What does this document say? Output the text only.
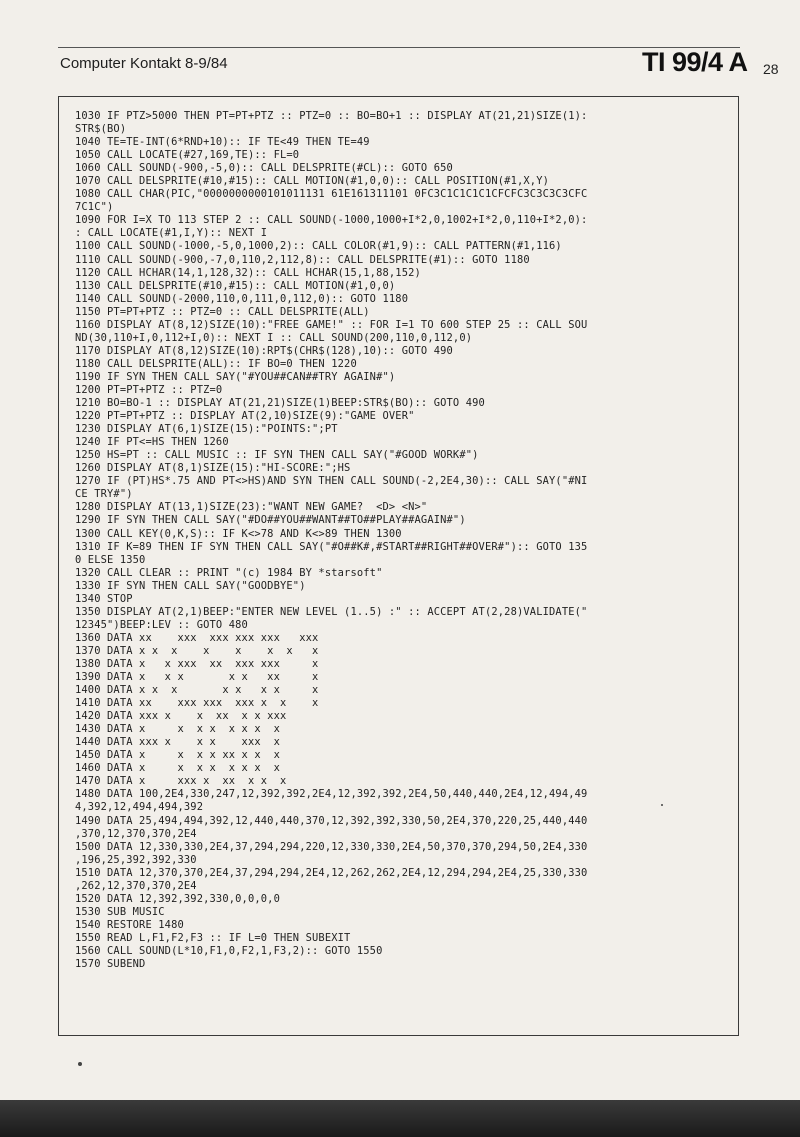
Computer Kontakt 8-9/84	TI 99/4 A 28
1030 IF PTZ>5000 THEN PT=PT+PTZ :: PTZ=0 :: BO=BO+1 :: DISPLAY AT(21,21)SIZE(1):
STR$(BO)
1040 TE=TE-INT(6*RND+10):: IF TE<49 THEN TE=49
1050 CALL LOCATE(#27,169,TE):: FL=0
1060 CALL SOUND(-900,-5,0):: CALL DELSPRITE(#CL):: GOTO 650
1070 CALL DELSPRITE(#10,#15):: CALL MOTION(#1,0,0):: CALL POSITION(#1,X,Y)
1080 CALL CHAR(PIC,"0000000000101011131 61E161311101 0FC3C1C1C1C1CFCFC3C3C3C3CFC
7C1C")
1090 FOR I=X TO 113 STEP 2 :: CALL SOUND(-1000,1000+I*2,0,1002+I*2,0,110+I*2,0):
: CALL LOCATE(#1,I,Y):: NEXT I
1100 CALL SOUND(-1000,-5,0,1000,2):: CALL COLOR(#1,9):: CALL PATTERN(#1,116)
1110 CALL SOUND(-900,-7,0,110,2,112,8):: CALL DELSPRITE(#1):: GOTO 1180
1120 CALL HCHAR(14,1,128,32):: CALL HCHAR(15,1,88,152)
1130 CALL DELSPRITE(#10,#15):: CALL MOTION(#1,0,0)
1140 CALL SOUND(-2000,110,0,111,0,112,0):: GOTO 1180
1150 PT=PT+PTZ :: PTZ=0 :: CALL DELSPRITE(ALL)
1160 DISPLAY AT(8,12)SIZE(10):"FREE GAME!" :: FOR I=1 TO 600 STEP 25 :: CALL SOU
ND(30,110+I,0,112+I,0):: NEXT I :: CALL SOUND(200,110,0,112,0)
1170 DISPLAY AT(8,12)SIZE(10):RPT$(CHR$(128),10):: GOTO 490
1180 CALL DELSPRITE(ALL):: IF BO=0 THEN 1220
1190 IF SYN THEN CALL SAY("#YOU##CAN##TRY AGAIN#")
1200 PT=PT+PTZ :: PTZ=0
1210 BO=BO-1 :: DISPLAY AT(21,21)SIZE(1)BEEP:STR$(BO):: GOTO 490
1220 PT=PT+PTZ :: DISPLAY AT(2,10)SIZE(9):"GAME OVER"
1230 DISPLAY AT(6,1)SIZE(15):"POINTS:";PT
1240 IF PT<=HS THEN 1260
1250 HS=PT :: CALL MUSIC :: IF SYN THEN CALL SAY("#GOOD WORK#")
1260 DISPLAY AT(8,1)SIZE(15):"HI-SCORE:";HS
1270 IF (PT)HS*.75 AND PT<>HS)AND SYN THEN CALL SOUND(-2,2E4,30):: CALL SAY("#NI
CE TRY#")
1280 DISPLAY AT(13,1)SIZE(23):"WANT NEW GAME?  <D> <N>"
1290 IF SYN THEN CALL SAY("#DO##YOU##WANT##TO##PLAY##AGAIN#")
1300 CALL KEY(0,K,S):: IF K<>78 AND K<>89 THEN 1300
1310 IF K=89 THEN IF SYN THEN CALL SAY("#O##K#,#START##RIGHT##OVER#"):: GOTO 135
0 ELSE 1350
1320 CALL CLEAR :: PRINT "(c) 1984 BY *starsoft"
1330 IF SYN THEN CALL SAY("GOODBYE")
1340 STOP
1350 DISPLAY AT(2,1)BEEP:"ENTER NEW LEVEL (1..5) :" :: ACCEPT AT(2,28)VALIDATE("
12345")BEEP:LEV :: GOTO 480
1360 DATA xx    xxx  xxx xxx xxx   xxx
1370 DATA x x  x    x    x    x  x   x
1380 DATA x   x xxx  xx  xxx xxx     x
1390 DATA x   x x       x x   xx     x
1400 DATA x x  x       x x   x x     x
1410 DATA xx    xxx xxx  xxx x  x    x
1420 DATA xxx x    x  xx  x x xxx
1430 DATA x     x  x x  x x x  x
1440 DATA xxx x    x x    xxx  x
1450 DATA x     x  x x xx x x  x
1460 DATA x     x  x x  x x x  x
1470 DATA x     xxx x  xx  x x  x
1480 DATA 100,2E4,330,247,12,392,392,2E4,12,392,392,2E4,50,440,440,2E4,12,494,49
4,392,12,494,494,392
1490 DATA 25,494,494,392,12,440,440,370,12,392,392,330,50,2E4,370,220,25,440,440
,370,12,370,370,2E4
1500 DATA 12,330,330,2E4,37,294,294,220,12,330,330,2E4,50,370,370,294,50,2E4,330
,196,25,392,392,330
1510 DATA 12,370,370,2E4,37,294,294,2E4,12,262,262,2E4,12,294,294,2E4,25,330,330
,262,12,370,370,2E4
1520 DATA 12,392,392,330,0,0,0,0
1530 SUB MUSIC
1540 RESTORE 1480
1550 READ L,F1,F2,F3 :: IF L=0 THEN SUBEXIT
1560 CALL SOUND(L*10,F1,0,F2,1,F3,2):: GOTO 1550
1570 SUBEND
